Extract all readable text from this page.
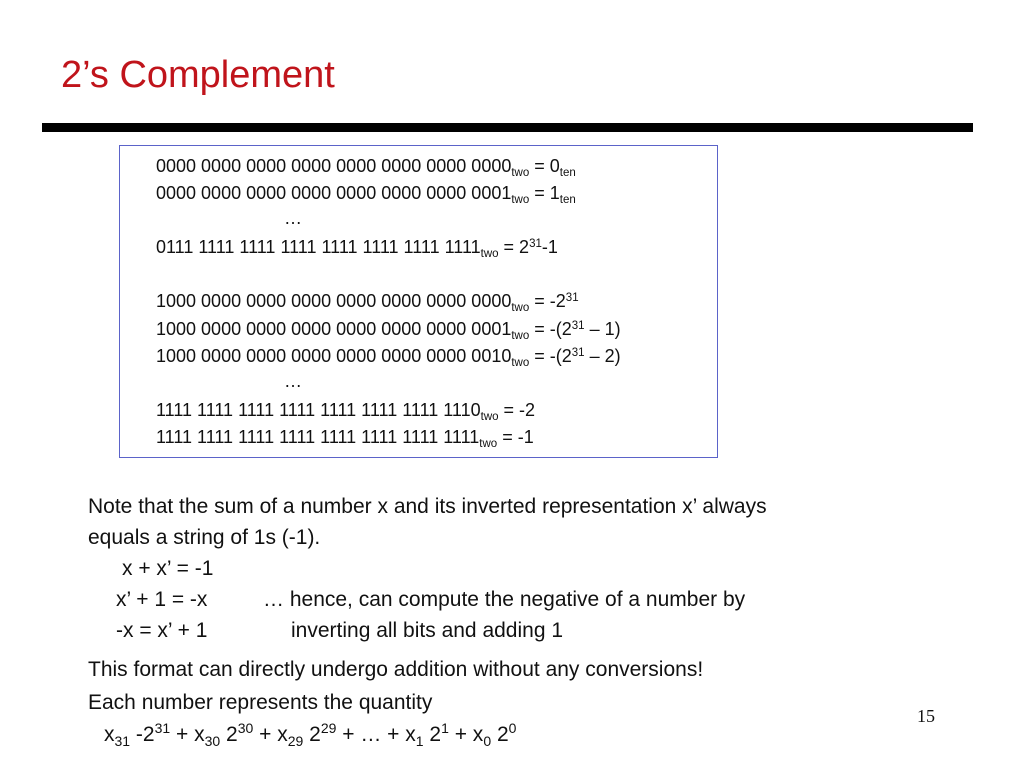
2’s Complement
0000 0000 0000 0000 0000 0000 0000 $0000_{two} = 0_{ten}$
0000 0000 0000 0000 0000 0000 0000 $0001_{two} = 1_{ten}$
…
0111 1111 1111 1111 1111 1111 1111 $1111_{two} = 2^{31}-1$
1000 0000 0000 0000 0000 0000 0000 $0000_{two} = -2^{31}$
1000 0000 0000 0000 0000 0000 0000 $0001_{two} = -(2^{31} - 1)$
1000 0000 0000 0000 0000 0000 0000 $0010_{two} = -(2^{31} - 2)$
…
1111 1111 1111 1111 1111 1111 1111 $1110_{two} = -2$
1111 1111 1111 1111 1111 1111 1111 $1111_{two} = -1$
Note that the sum of a number x and its inverted representation x’ always
equals a string of 1s (-1).
x + x’ = -1
x’ + 1 = -x	… hence, can compute the negative of a number by
-x = x’ + 1	inverting all bits and adding 1
This format can directly undergo addition without any conversions!
Each number represents the quantity
$x_{31}$ $-2^{31} + x_{30}$ $2^{30} + x_{29}$ $2^{29}$ + … + $x_1$ $2^1 + x_0$ $2^0$
15
